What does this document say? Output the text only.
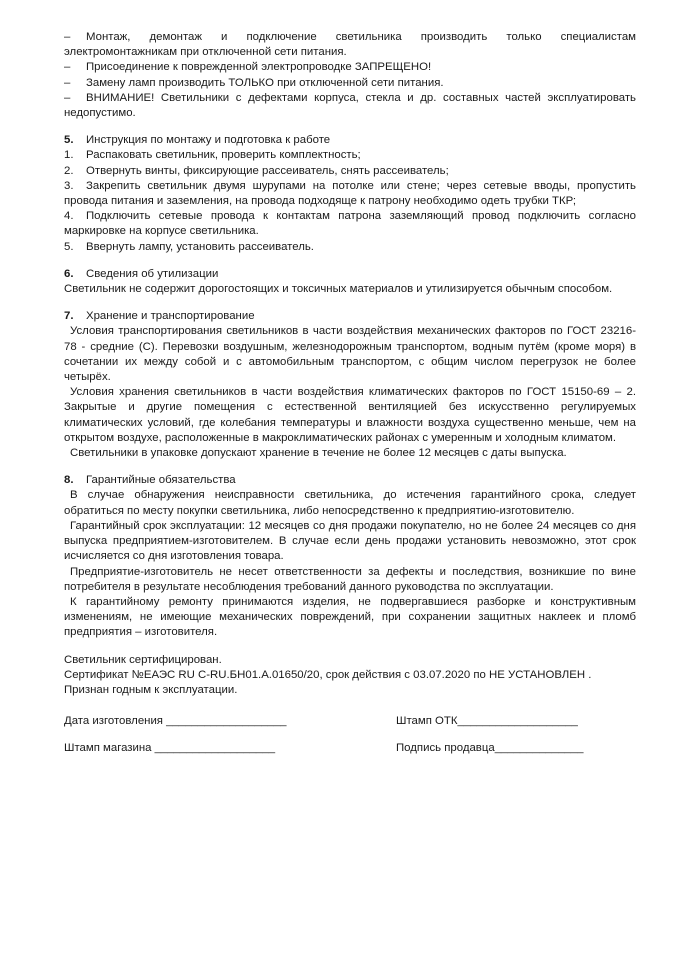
– Монтаж, демонтаж и подключение светильника производить только специалистам электромонтажникам при отключенной сети питания.

– Присоединение к поврежденной электропроводке ЗАПРЕЩЕНО!

– Замену ламп производить ТОЛЬКО при отключенной сети питания.

– ВНИМАНИЕ! Светильники с дефектами корпуса, стекла и др. составных частей эксплуатировать недопустимо.

5. Инструкция по монтажу и подготовка к работе

1. Распаковать светильник, проверить комплектность;

2. Отвернуть винты, фиксирующие рассеиватель, снять рассеиватель;

3. Закрепить светильник двумя шурупами на потолке или стене; через сетевые вводы, пропустить провода питания и заземления, на провода подходяще к патрону необходимо одеть трубки ТКР;

4. Подключить сетевые провода к контактам патрона заземляющий провод подключить согласно маркировке на корпусе светильника.

5. Ввернуть лампу, установить рассеиватель.

6. Сведения об утилизации

Светильник не содержит дорогостоящих и токсичных материалов и утилизируется обычным способом.

7. Хранение и транспортирование

Условия транспортирования светильников в части воздействия механических факторов по ГОСТ 23216-78 - средние (С). Перевозки воздушным, железнодорожным транспортом, водным путём (кроме моря) в сочетании их между собой и с автомобильным транспортом, с общим числом перегрузок не более четырёх.

Условия хранения светильников в части воздействия климатических факторов по ГОСТ 15150-69 – 2. Закрытые и другие помещения с естественной вентиляцией без искусственно регулируемых климатических условий, где колебания температуры и влажности воздуха существенно меньше, чем на открытом воздухе, расположенные в макроклиматических районах с умеренным и холодным климатом.

Светильники в упаковке допускают хранение в течение не более 12 месяцев с даты выпуска.

8. Гарантийные обязательства

В случае обнаружения неисправности светильника, до истечения гарантийного срока, следует обратиться по месту покупки светильника, либо непосредственно к предприятию-изготовителю.

Гарантийный срок эксплуатации: 12 месяцев со дня продажи покупателю, но не более 24 месяцев со дня выпуска предприятием-изготовителем. В случае если день продажи установить невозможно, этот срок исчисляется со дня изготовления товара.

Предприятие-изготовитель не несет ответственности за дефекты и последствия, возникшие по вине потребителя в результате несоблюдения требований данного руководства по эксплуатации.

К гарантийному ремонту принимаются изделия, не подвергавшиеся разборке и конструктивным изменениям, не имеющие механических повреждений, при сохранении защитных наклеек и пломб предприятия – изготовителя.

Светильник сертифицирован.

Сертификат №ЕАЭС RU C-RU.БН01.А.01650/20, срок действия с 03.07.2020 по НЕ УСТАНОВЛЕН .

Признан годным к эксплуатации.

Дата изготовления ___________________	Штамп ОТК___________________
Штамп магазина ___________________	Подпись продавца______________
